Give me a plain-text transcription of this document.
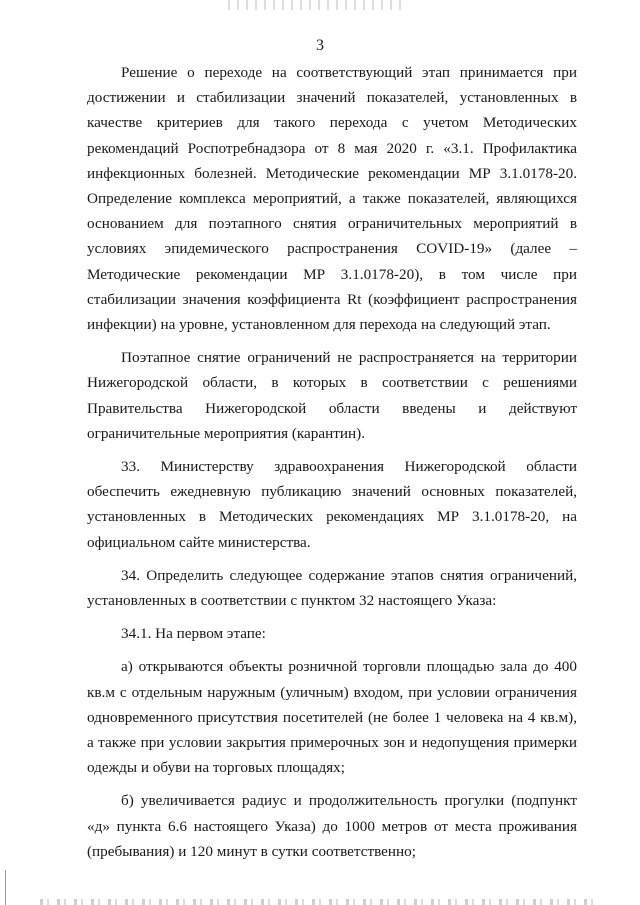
3

Решение о переходе на соответствующий этап принимается при достижении и стабилизации значений показателей, установленных в качестве критериев для такого перехода с учетом Методических рекомендаций Роспотребнадзора от 8 мая 2020 г. «3.1. Профилактика инфекционных болезней. Методические рекомендации МР 3.1.0178-20. Определение комплекса мероприятий, а также показателей, являющихся основанием для поэтапного снятия ограничительных мероприятий в условиях эпидемического распространения COVID-19» (далее – Методические рекомендации МР 3.1.0178-20), в том числе при стабилизации значения коэффициента Rt (коэффициент распространения инфекции) на уровне, установленном для перехода на следующий этап.

Поэтапное снятие ограничений не распространяется на территории Нижегородской области, в которых в соответствии с решениями Правительства Нижегородской области введены и действуют ограничительные мероприятия (карантин).

33. Министерству здравоохранения Нижегородской области обеспечить ежедневную публикацию значений основных показателей, установленных в Методических рекомендациях МР 3.1.0178-20, на официальном сайте министерства.

34. Определить следующее содержание этапов снятия ограничений, установленных в соответствии с пунктом 32 настоящего Указа:

34.1. На первом этапе:

а) открываются объекты розничной торговли площадью зала до 400 кв.м с отдельным наружным (уличным) входом, при условии ограничения одновременного присутствия посетителей (не более 1 человека на 4 кв.м), а также при условии закрытия примерочных зон и недопущения примерки одежды и обуви на торговых площадях;

б) увеличивается радиус и продолжительность прогулки (подпункт «д» пункта 6.6 настоящего Указа) до 1000 метров от места проживания (пребывания) и 120 минут в сутки соответственно;
